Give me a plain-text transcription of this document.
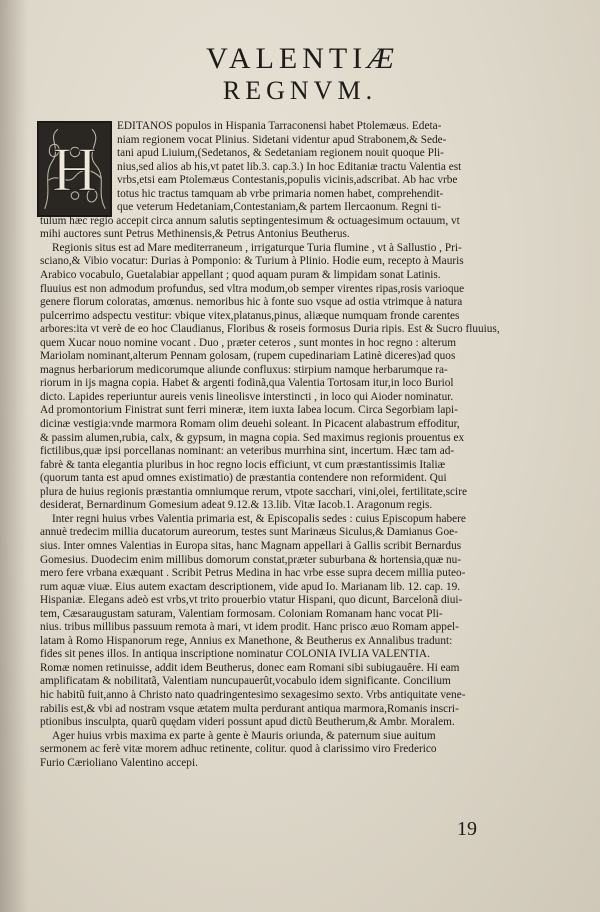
VALENTIÆ
REGNVM.
H
EDITANOS populos in Hispania Tarraconensi habet Ptolemæus. Edeta-
niam regionem vocat Plinius. Sidetani videntur apud Strabonem,& Sede-
tani apud Liuium,(Sedetanos, & Sedetaniam regionem nouit quoque Pli-
nius,sed alios ab his,vt patet lib.3. cap.3.) In hoc Editaniæ tractu Valentia est
vrbs,etsi eam Ptolemæus Contestanis,populis vicinis,adscribat. Ab hac vrbe
totus hic tractus tamquam ab vrbe primaria nomen habet, comprehendit-
que veterum Hedetaniam,Contestaniam,& partem Ilercaonum. Regni ti-
tulum hæc regio accepit circa annum salutis septingentesimum & octuagesimum octauum, vt
mihi auctores sunt Petrus Methinensis,& Petrus Antonius Beutherus.
Regionis situs est ad Mare mediterraneum , irrigaturque Turia flumine , vt à Sallustio , Pri-
sciano,& Vibio vocatur: Durias à Pomponio: & Turium à Plinio. Hodie eum, recepto à Mauris
Arabico vocabulo, Guetalabiar appellant ; quod aquam puram & limpidam sonat Latinis.
fluuius est non admodum profundus, sed vltra modum,ob semper virentes ripas,rosis varioque
genere florum coloratas, amœnus. nemoribus hic à fonte suo vsque ad ostia vtrimque à natura
pulcerrimo adspectu vestitur: vbique vitex,platanus,pinus, aliæque numquam fronde carentes
arbores:ita vt verè de eo hoc Claudianus, Floribus & roseis formosus Duria ripis. Est & Sucro fluuius,
quem Xucar nouo nomine vocant . Duo , præter ceteros , sunt montes in hoc regno : alterum
Mariolam nominant,alterum Pennam golosam, (rupem cupedinariam Latinè diceres)ad quos
magnus herbariorum medicorumque aliunde confluxus: stirpium namque herbarumque ra-
riorum in ijs magna copia. Habet & argenti fodinã,qua Valentia Tortosam itur,in loco Buriol
dicto. Lapides reperiuntur aureis venis lineolisve interstincti , in loco qui Aioder nominatur.
Ad promontorium Finistrat sunt ferri mineræ, item iuxta Iabea locum. Circa Segorbiam lapi-
dicinæ vestigia:vnde marmora Romam olim deuehi soleant. In Picacent alabastrum effoditur,
& passim alumen,rubia, calx, & gypsum, in magna copia. Sed maximus regionis prouentus ex
fictilibus,quæ ipsi porcellanas nominant: an veteribus murrhina sint, incertum. Hæc tam ad-
fabrè & tanta elegantia pluribus in hoc regno locis efficiunt, vt cum præstantissimis Italiæ
(quorum tanta est apud omnes existimatio) de præstantia contendere non reformident. Qui
plura de huius regionis præstantia omniumque rerum, vtpote sacchari, vini,olei, fertilitate,scire
desiderat, Bernardinum Gomesium adeat 9.12.& 13.lib. Vitæ Iacob.1. Aragonum regis.
Inter regni huius vrbes Valentia primaria est, & Episcopalis sedes : cuius Episcopum habere
annuè tredecim millia ducatorum aureorum, testes sunt Marinæus Siculus,& Damianus Goe-
sius. Inter omnes Valentias in Europa sitas, hanc Magnam appellari à Gallis scribit Bernardus
Gomesius. Duodecim enim millibus domorum constat,præter suburbana & hortensia,quæ nu-
mero fere vrbana exæquant . Scribit Petrus Medina in hac vrbe esse supra decem millia puteo-
rum aquæ viuæ. Eius autem exactam descriptionem, vide apud Io. Marianam lib. 12. cap. 19.
Hispaniæ. Elegans adeò est vrbs,vt trito prouerbio vtatur Hispani, quo dicunt, Barcelonã diui-
tem, Cæsaraugustam saturam, Valentiam formosam. Coloniam Romanam hanc vocat Pli-
nius. tribus millibus passuum remota à mari, vt idem prodit. Hanc prisco æuo Romam appel-
latam à Romo Hispanorum rege, Annius ex Manethone, & Beutherus ex Annalibus tradunt:
fides sit penes illos. In antiqua inscriptione nominatur COLONIA IVLIA VALENTIA.
Romæ nomen retinuisse, addit idem Beutherus, donec eam Romani sibi subiugauêre. Hi eam
amplificatam & nobilitatã, Valentiam nuncupauerût,vocabulo idem significante. Concilium
hic habitũ fuit,anno à Christo nato quadringentesimo sexagesimo sexto. Vrbs antiquitate vene-
rabilis est,& vbi ad nostram vsque ætatem multa perdurant antiqua marmora,Romanis inscri-
ptionibus insculpta, quarũ quędam videri possunt apud dictũ Beutherum,& Ambr. Moralem.
Ager huius vrbis maxima ex parte à gente è Mauris oriunda, & paternum siue auitum
sermonem ac ferè vitæ morem adhuc retinente, colitur. quod à clarissimo viro Frederico
Furio Cærioliano Valentino accepi.
19
